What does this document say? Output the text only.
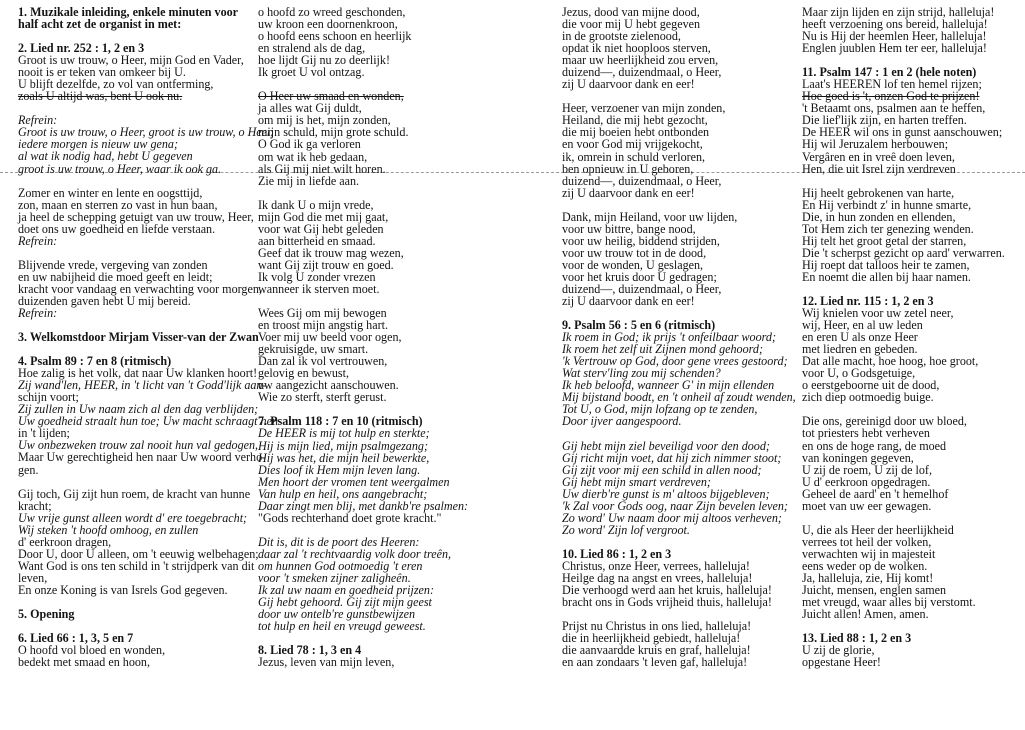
1. Muzikale inleiding, enkele minuten voor
half acht zet de organist in met:
2. Lied nr. 252 : 1, 2 en 3
Groot is uw trouw, o Heer, mijn God en Vader,
nooit is er teken van omkeer bij U.
U blijft dezelfde, zo vol van ontferming,
zoals U altijd was, bent U ook nu.
Refrein:
Groot is uw trouw, o Heer, groot is uw trouw, o Heer,
iedere morgen is nieuw uw gena;
al wat ik nodig had, hebt U gegeven
groot is uw trouw, o Heer, waar ik ook ga.
Zomer en winter en lente en oogsttijd,
zon, maan en sterren zo vast in hun baan,
ja heel de schepping getuigt van uw trouw, Heer,
doet ons uw goedheid en liefde verstaan.
Refrein:
Blijvende vrede, vergeving van zonden
en uw nabijheid die moed geeft en leidt;
kracht voor vandaag en verwachting voor morgen,
duizenden gaven hebt U mij bereid.
Refrein:
3. Welkomstdoor Mirjam Visser-van der Zwan
4. Psalm 89 : 7 en 8 (ritmisch)
Hoe zalig is het volk, dat naar Uw klanken hoort!
Zij wand'len, HEER, in 't licht van 't Godd'lijk aan-
schijn voort;
Zij zullen in Uw naam zich al den dag verblijden;
Uw goedheid straalt hun toe; Uw macht schraagt hen
in 't lijden;
Uw onbezweken trouw zal nooit hun val gedogen,
Maar Uw gerechtigheid hen naar Uw woord verho-
gen.
Gij toch, Gij zijt hun roem, de kracht van hunne
kracht;
Uw vrije gunst alleen wordt d' ere toegebracht;
Wij steken 't hoofd omhoog, en zullen
d' eerkroon dragen,
Door U, door U alleen, om 't eeuwig welbehagen;
Want God is ons ten schild in 't strijdperk van dit
leven,
En onze Koning is van Isrels God gegeven.
5. Opening
6. Lied 66 : 1, 3, 5 en 7
O hoofd vol bloed en wonden,
bedekt met smaad en hoon,
o hoofd zo wreed geschonden,
uw kroon een doornenkroon,
o hoofd eens schoon en heerlijk
en stralend als de dag,
hoe lijdt Gij nu zo deerlijk!
Ik groet U vol ontzag.
O Heer uw smaad en wonden,
ja alles wat Gij duldt,
om mij is het, mijn zonden,
mijn schuld, mijn grote schuld.
O God ik ga verloren
om wat ik heb gedaan,
als Gij mij niet wilt horen.
Zie mij in liefde aan.
Ik dank U o mijn vrede,
mijn God die met mij gaat,
voor wat Gij hebt geleden
aan bitterheid en smaad.
Geef dat ik trouw mag wezen,
want Gij zijt trouw en goed.
Ik volg U zonder vrezen
wanneer ik sterven moet.
Wees Gij om mij bewogen
en troost mijn angstig hart.
Voer mij uw beeld voor ogen,
gekruisigde, uw smart.
Dan zal ik vol vertrouwen,
gelovig en bewust,
uw aangezicht aanschouwen.
Wie zo sterft, sterft gerust.
7. Psalm 118 : 7 en 10 (ritmisch)
De HEER is mij tot hulp en sterkte;
Hij is mijn lied, mijn psalmgezang;
Hij was het, die mijn heil bewerkte,
Dies loof ik Hem mijn leven lang.
Men hoort der vromen tent weergalmen
Van hulp en heil, ons aangebracht;
Daar zingt men blij, met dankb're psalmen:
"Gods rechterhand doet grote kracht."
Dit is, dit is de poort des Heeren:
daar zal 't rechtvaardig volk door treên,
om hunnen God ootmoedig 't eren
voor 't smeken zijner zaligheên.
Ik zal uw naam en goedheid prijzen:
Gij hebt gehoord. Gij zijt mijn geest
door uw ontelb're gunstbewijzen
tot hulp en heil en vreugd geweest.
8. Lied 78 : 1, 3 en 4
Jezus, leven van mijn leven,
Jezus, dood van mijne dood,
die voor mij U hebt gegeven
in de grootste zielenood,
opdat ik niet hooploos sterven,
maar uw heerlijkheid zou erven,
duizend—, duizendmaal, o Heer,
zij U daarvoor dank en eer!
Heer, verzoener van mijn zonden,
Heiland, die mij hebt gezocht,
die mij boeien hebt ontbonden
en voor God mij vrijgekocht,
ik, omrein in schuld verloren,
ben opnieuw in U geboren,
duizend—, duizendmaal, o Heer,
zij U daarvoor dank en eer!
Dank, mijn Heiland, voor uw lijden,
voor uw bittre, bange nood,
voor uw heilig, biddend strijden,
voor uw trouw tot in de dood,
voor de wonden, U geslagen,
voor het kruis door U gedragen;
duizend—, duizendmaal, o Heer,
zij U daarvoor dank en eer!
9. Psalm 56 : 5 en 6 (ritmisch)
Ik roem in God; ik prijs 't onfeilbaar woord;
Ik roem het zelf uit Zijnen mond gehoord;
'k Vertrouw op God, door gene vrees gestoord;
Wat sterv'ling zou mij schenden?
Ik heb beloofd, wanneer G' in mijn ellenden
Mij bijstand boodt, en 't onheil af zoudt wenden,
Tot U, o God, mijn lofzang op te zenden,
Door ijver aangespoord.
Gij hebt mijn ziel beveiligd voor den dood;
Gij richt mijn voet, dat hij zich nimmer stoot;
Gij zijt voor mij een schild in allen nood;
Gij hebt mijn smart verdreven;
Uw dierb're gunst is m' altoos bijgebleven;
'k Zal voor Gods oog, naar Zijn bevelen leven;
Zo word' Uw naam door mij altoos verheven;
Zo word' Zijn lof vergroot.
10. Lied 86 : 1, 2 en 3
Christus, onze Heer, verrees, halleluja!
Heilge dag na angst en vrees, halleluja!
Die verhoogd werd aan het kruis, halleluja!
bracht ons in Gods vrijheid thuis, halleluja!
Prijst nu Christus in ons lied, halleluja!
die in heerlijkheid gebiedt, halleluja!
die aanvaardde kruis en graf, halleluja!
en aan zondaars 't leven gaf, halleluja!
Maar zijn lijden en zijn strijd, halleluja!
heeft verzoening ons bereid, halleluja!
Nu is Hij der heemlen Heer, halleluja!
Englen juublen Hem ter eer, halleluja!
11. Psalm 147 : 1 en 2 (hele noten)
Laat's HEEREN lof ten hemel rijzen;
Hoe goed is 't, onzen God te prijzen!
't Betaamt ons, psalmen aan te heffen,
Die lief'lijk zijn, en harten treffen.
De HEER wil ons in gunst aanschouwen;
Hij wil Jeruzalem herbouwen;
Vergâren en in vreê doen leven,
Hen, die uit Isrel zijn verdreven
Hij heelt gebrokenen van harte,
En Hij verbindt z' in hunne smarte,
Die, in hun zonden en ellenden,
Tot Hem zich ter genezing wenden.
Hij telt het groot getal der starren,
Die 't scherpst gezicht op aard' verwarren.
Hij roept dat talloos heir te zamen,
En noemt die allen bij haar namen.
12. Lied nr. 115 : 1, 2 en 3
Wij knielen voor uw zetel neer,
wij, Heer, en al uw leden
en eren U als onze Heer
met liedren en gebeden.
Dat alle macht, hoe hoog, hoe groot,
voor U, o Godsgetuige,
o eerstgeboorne uit de dood,
zich diep ootmoedig buige.
Die ons, gereinigd door uw bloed,
tot priesters hebt verheven
en ons de hoge rang, de moed
van koningen gegeven,
U zij de roem, U zij de lof,
U d' eerkroon opgedragen.
Geheel de aard' en 't hemelhof
moet van uw eer gewagen.
U, die als Heer der heerlijkheid
verrees tot heil der volken,
verwachten wij in majesteit
eens weder op de wolken.
Ja, halleluja, zie, Hij komt!
Juicht, mensen, englen samen
met vreugd, waar alles bij verstomt.
Juicht allen! Amen, amen.
13. Lied 88 : 1, 2 en 3
U zij de glorie,
opgestane Heer!
